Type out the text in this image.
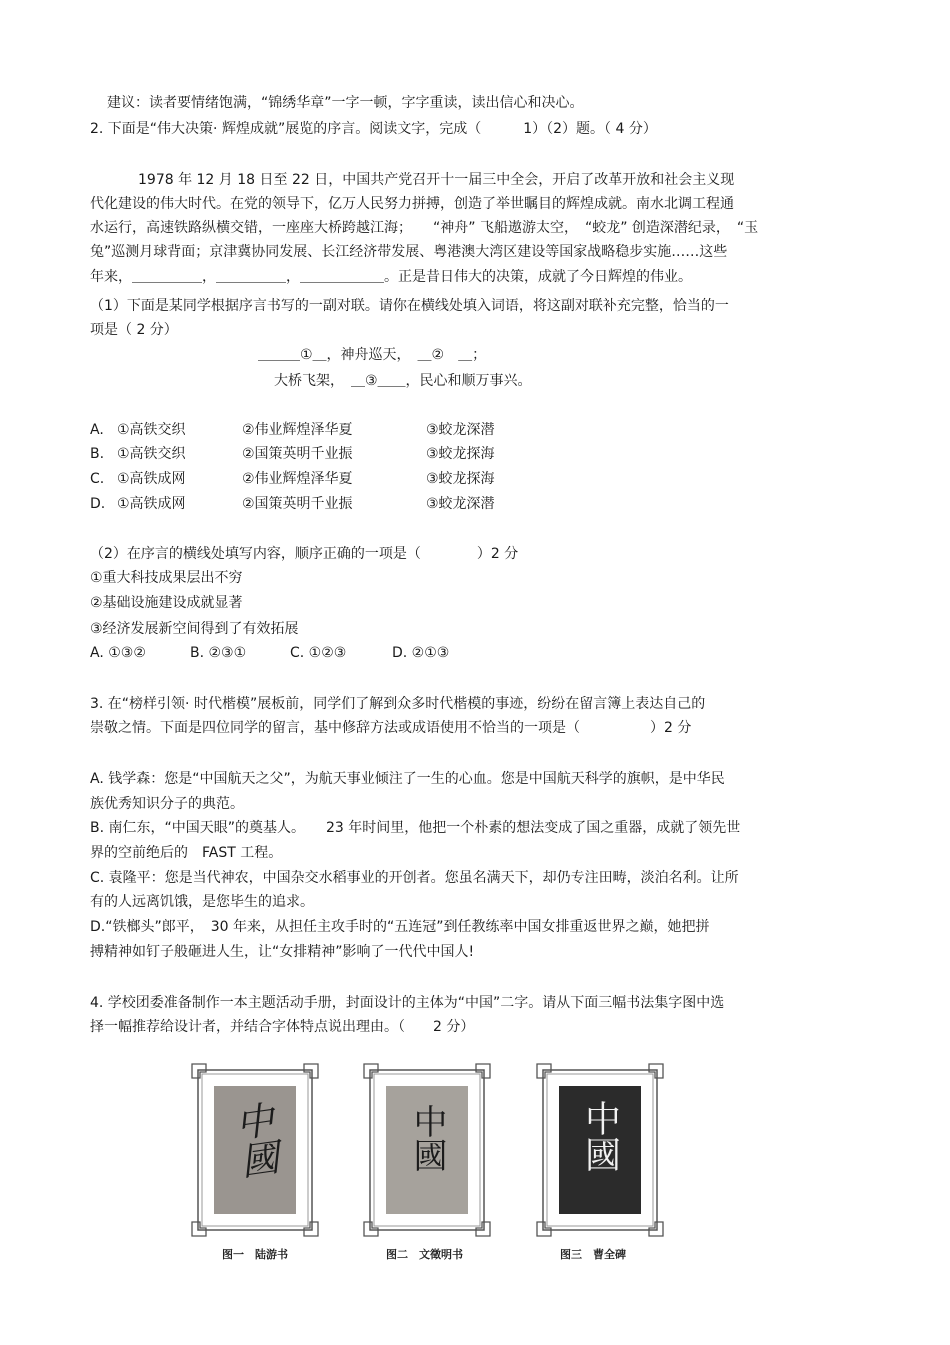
建议：读者要情绪饱满，“锦绣华章”一字一顿，字字重读，读出信心和决心。
2. 下面是“伟大决策· 辉煌成就”展览的序言。阅读文字，完成（　　　1）（2）题。（ 4 分）
1978 年 12 月 18 日至 22 日，中国共产党召开十一届三中全会，开启了改革开放和社会主义现
代化建设的伟大时代。在党的领导下，亿万人民努力拼搏，创造了举世瞩目的辉煌成就。南水北调工程通
水运行，高速铁路纵横交错，一座座大桥跨越江海；　　“神舟” 飞船遨游太空，　“蛟龙” 创造深潜纪录，　“玉
兔”巡测月球背面；京津冀协同发展、长江经济带发展、粤港澳大湾区建设等国家战略稳步实施……这些
年来，＿＿＿＿＿，＿＿＿＿＿，＿＿＿＿＿＿。正是昔日伟大的决策，成就了今日辉煌的伟业。
（1）下面是某同学根据序言书写的一副对联。请你在横线处填入词语，将这副对联补充完整，恰当的一
项是（ 2 分）
＿＿＿①＿，神舟巡天，　＿②　＿；
大桥飞架，　＿③＿＿，民心和顺万事兴。
A. ①高铁交织	②伟业辉煌泽华夏	③蛟龙深潜
B. ①高铁交织	②国策英明千业振	③蛟龙探海
C. ①高铁成网	②伟业辉煌泽华夏	③蛟龙探海
D. ①高铁成网	②国策英明千业振	③蛟龙深潜
（2）在序言的横线处填写内容，顺序正确的一项是（　　　　）2 分
①重大科技成果层出不穷
②基础设施建设成就显著
③经济发展新空间得到了有效拓展
A. ①③②	B. ②③①	C. ①②③	D. ②①③
3. 在“榜样引领· 时代楷模”展板前，同学们了解到众多时代楷模的事迹，纷纷在留言簿上表达自己的
崇敬之情。下面是四位同学的留言，基中修辞方法或成语使用不恰当的一项是（　　　　　）2 分
A. 钱学森：您是“中国航天之父”，为航天事业倾注了一生的心血。您是中国航天科学的旗帜，是中华民
族优秀知识分子的典范。
B. 南仁东，“中国天眼”的奠基人。　　23 年时间里，他把一个朴素的想法变成了国之重器，成就了领先世
界的空前绝后的　FAST 工程。
C. 袁隆平：您是当代神农，中国杂交水稻事业的开创者。您虽名满天下，却仍专注田畴，淡泊名利。让所
有的人远离饥饿，是您毕生的追求。
D.“铁榔头”郎平，　30 年来，从担任主攻手时的“五连冠”到任教练率中国女排重返世界之巅，她把拼
搏精神如钉子般砸进人生，让“女排精神”影响了一代代中国人!
4. 学校团委准备制作一本主题活动手册，封面设计的主体为“中国”二字。请从下面三幅书法集字图中选
择一幅推荐给设计者，并结合字体特点说出理由。（　　2 分）
中國
图一　陆游书
中國
图二　文徵明书
中國
图三　曹全碑
